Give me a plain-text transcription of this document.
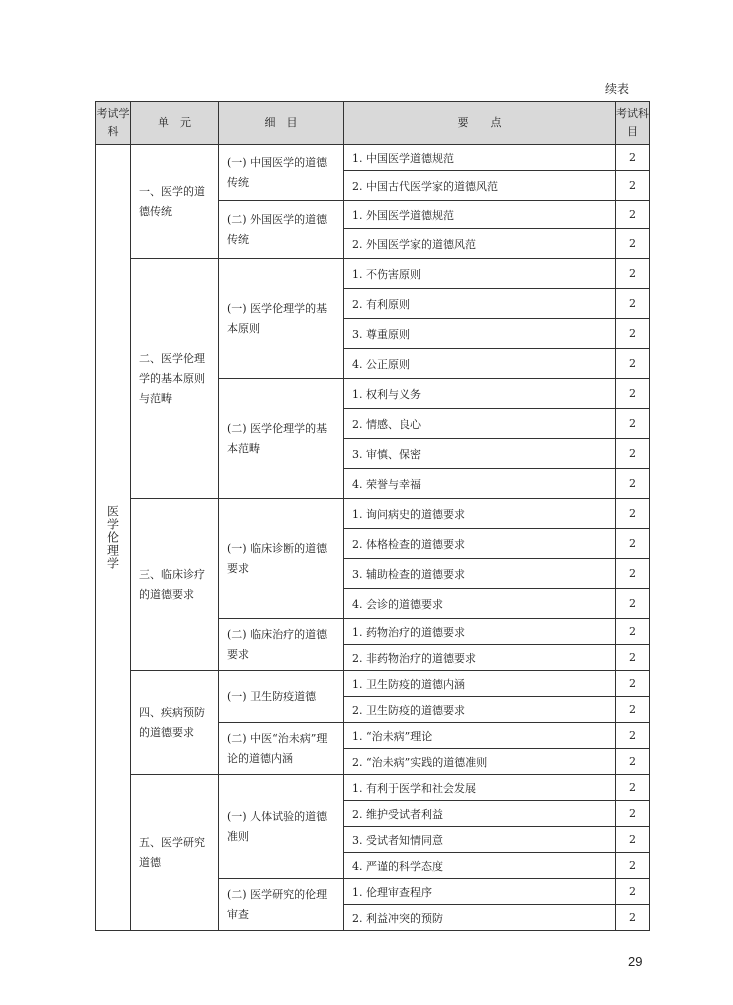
续表
考试学科	单　元	细　目	要　　点	考试科目

医学伦理学	一、医学的道德传统	(一) 中国医学的道德传统	1. 中国医学道德规范	2
			2. 中国古代医学家的道德风范	2
		(二) 外国医学的道德传统	1. 外国医学道德规范	2
			2. 外国医学家的道德风范	2
	二、医学伦理学的基本原则与范畴	(一) 医学伦理学的基本原则	1. 不伤害原则	2
			2. 有利原则	2
			3. 尊重原则	2
			4. 公正原则	2
		(二) 医学伦理学的基本范畴	1. 权利与义务	2
			2. 情感、良心	2
			3. 审慎、保密	2
			4. 荣誉与幸福	2
	三、临床诊疗的道德要求	(一) 临床诊断的道德要求	1. 询问病史的道德要求	2
			2. 体格检查的道德要求	2
			3. 辅助检查的道德要求	2
			4. 会诊的道德要求	2
		(二) 临床治疗的道德要求	1. 药物治疗的道德要求	2
			2. 非药物治疗的道德要求	2
	四、疾病预防的道德要求	(一) 卫生防疫道德	1. 卫生防疫的道德内涵	2
			2. 卫生防疫的道德要求	2
		(二) 中医“治未病”理论的道德内涵	1. “治未病”理论	2
			2. “治未病”实践的道德准则	2
	五、医学研究道德	(一) 人体试验的道德准则	1. 有利于医学和社会发展	2
			2. 维护受试者利益	2
			3. 受试者知情同意	2
			4. 严谨的科学态度	2
		(二) 医学研究的伦理审查	1. 伦理审查程序	2
			2. 利益冲突的预防	2
29
